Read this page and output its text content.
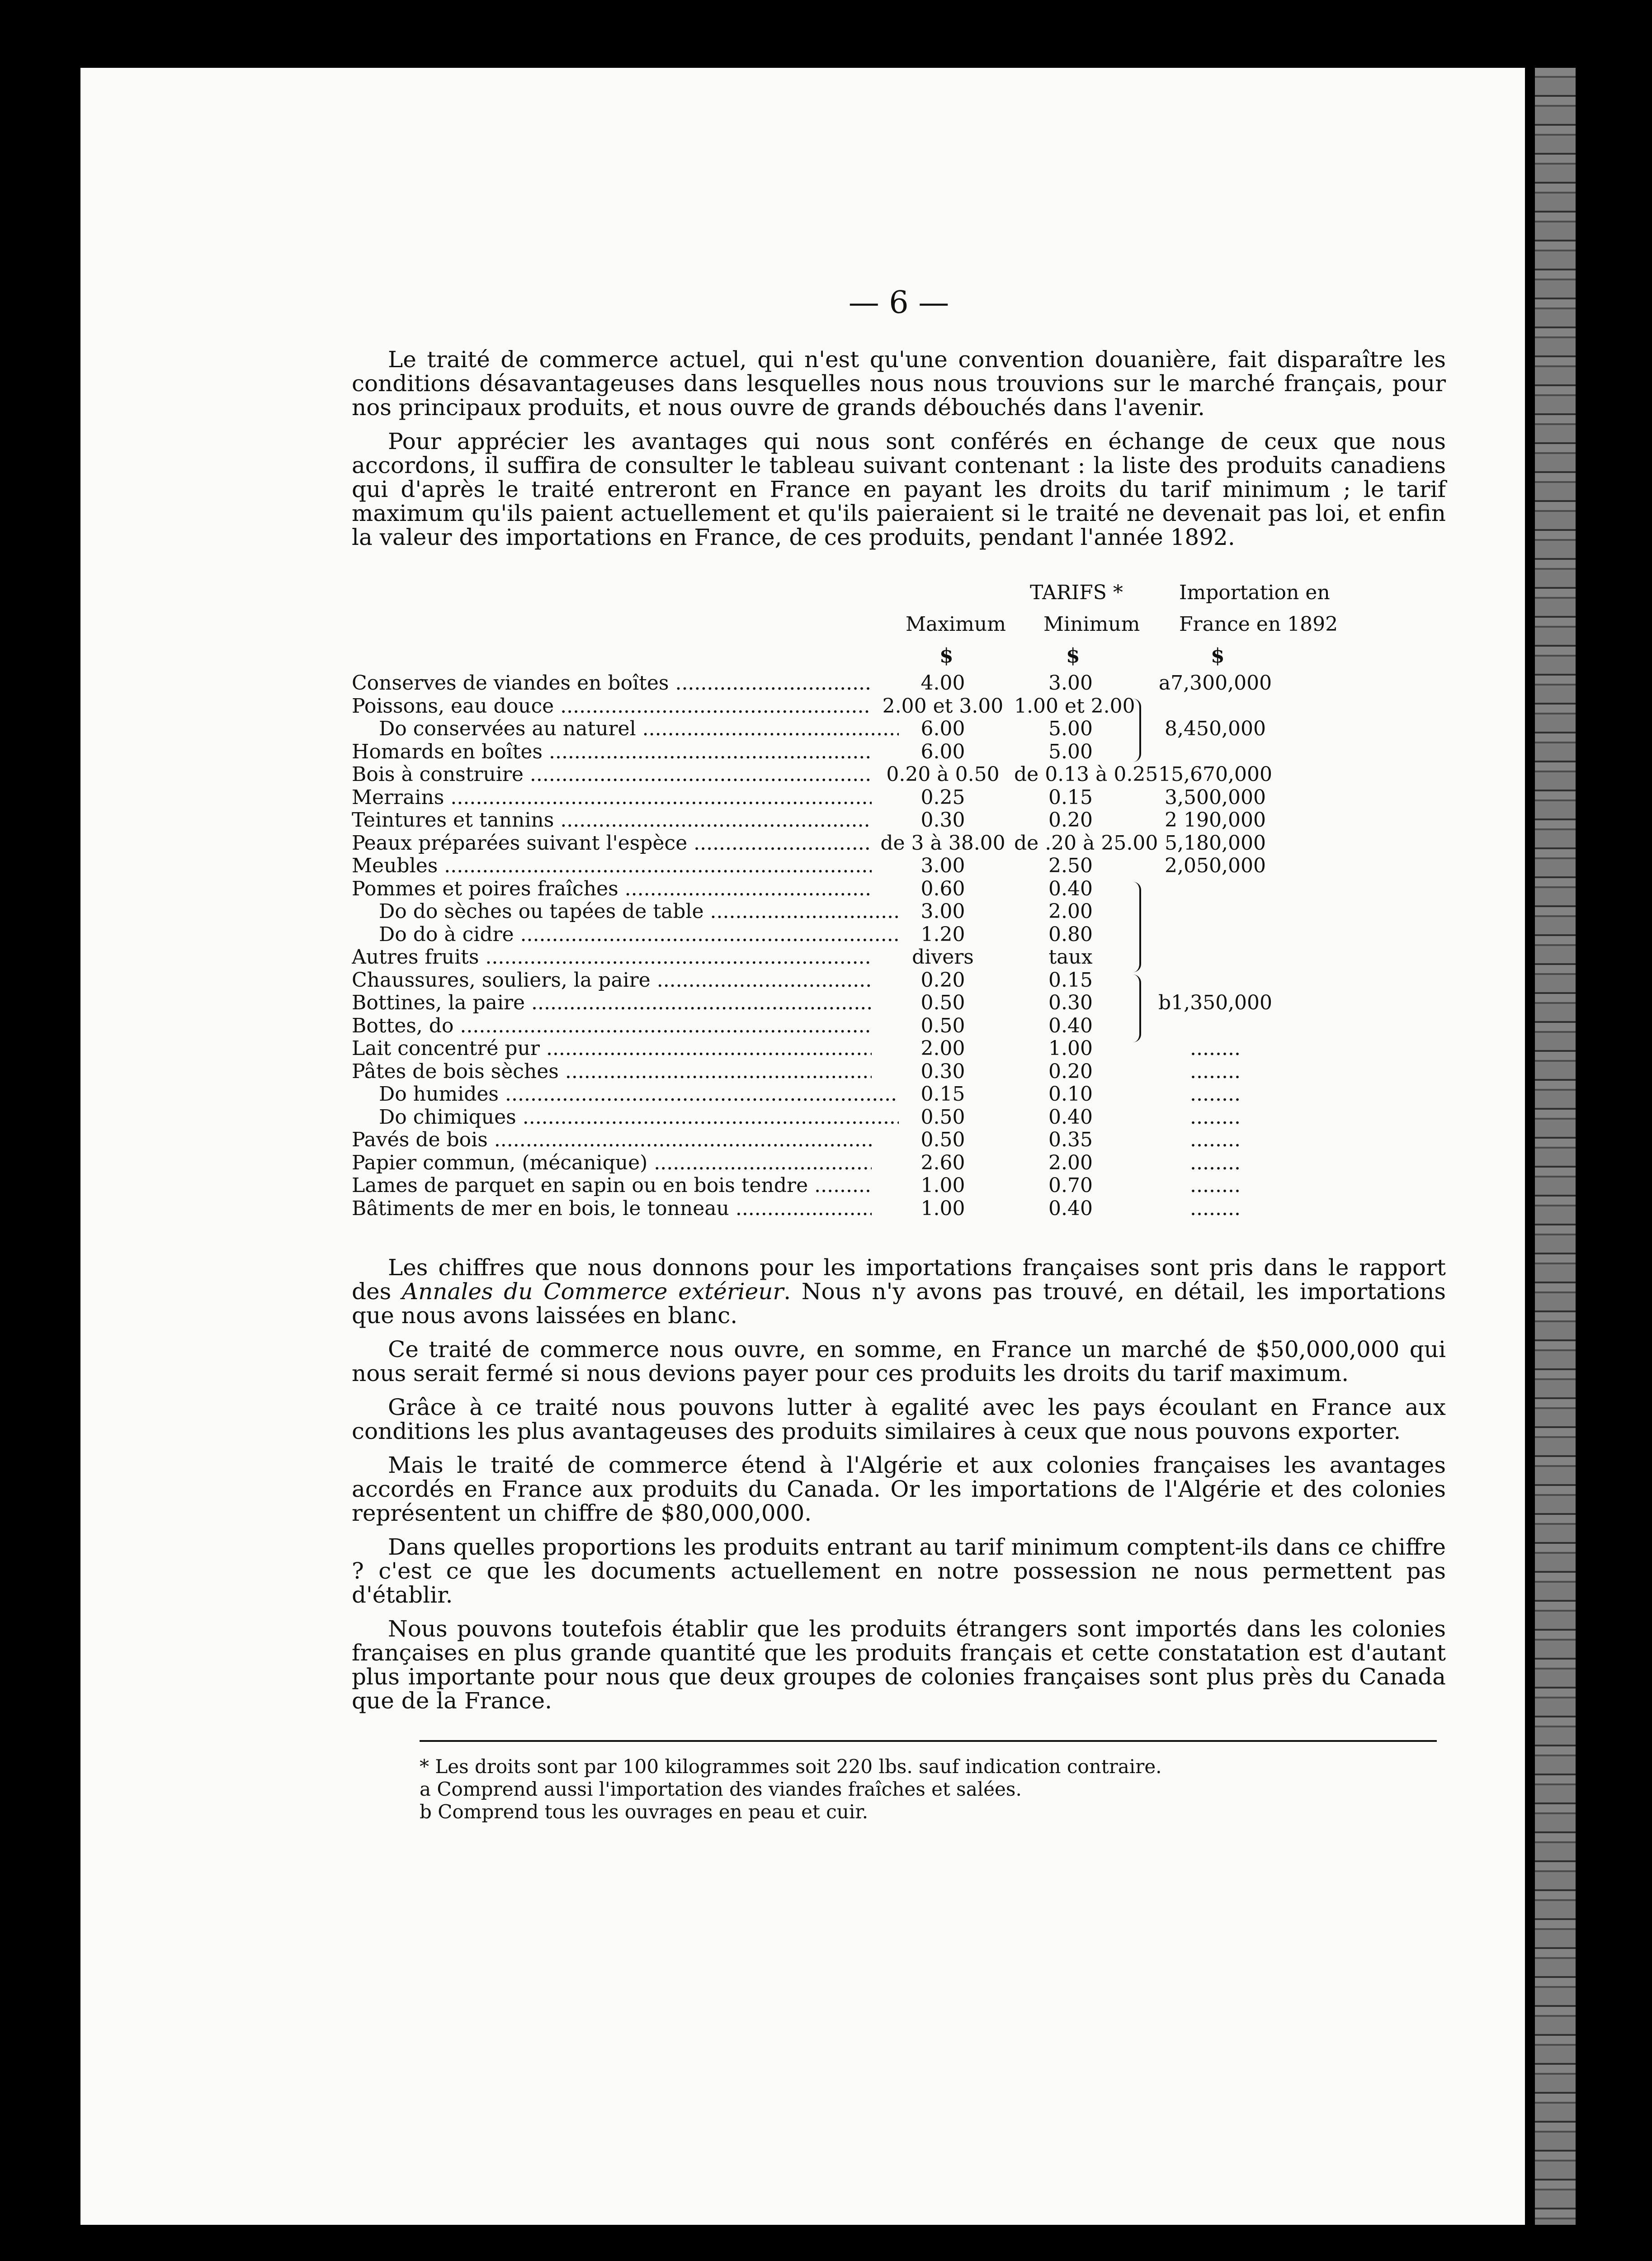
— 6 —

Le traité de commerce actuel, qui n'est qu'une convention douanière, fait disparaître les conditions désavantageuses dans lesquelles nous nous trouvions sur le marché français, pour nos principaux produits, et nous ouvre de grands débouchés dans l'avenir.

Pour apprécier les avantages qui nous sont conférés en échange de ceux que nous accordons, il suffira de consulter le tableau suivant contenant : la liste des produits canadiens qui d'après le traité entreront en France en payant les droits du tarif minimum ; le tarif maximum qu'ils paient actuellement et qu'ils paieraient si le traité ne devenait pas loi, et enfin la valeur des importations en France, de ces produits, pendant l'année 1892.

TARIFS *	Importation en
Maximum Minimum France en 1892
$	$	$
Conserves de viandes en boîtes .....	4.00	3.00	a7,300,000
Poissons, eau douce .....	2.00 et 3.00 1.00 et 2.00
Do conservées au naturel .....	6.00	5.00	8,450,000
Homards en boîtes .....	6.00	5.00
Bois à construire .....	0.20 à 0.50 de 0.13 à 0.25 15,670,000
Merrains .....	0.25	0.15	3,500,000
Teintures et tannins .....	0.30	0.20	2 190,000
Peaux préparées suivant l'espèce .....	de 3 à 38.00 de .20 à 25.00 5,180,000
Meubles .....	3.00	2.50	2,050,000
Pommes et poires fraîches .....	0.60	0.40
Do do sèches ou tapées de table .....	3.00	2.00
Do do à cidre .....	1.20	0.80
Autres fruits .....	divers	taux
Chaussures, souliers, la paire .....	0.20	0.15
Bottines, la paire .....	0.50	0.30	b1,350,000
Bottes, do .....	0.50	0.40
Lait concentré pur .....	2.00	1.00	........
Pâtes de bois sèches .....	0.30	0.20	........
Do humides .....	0.15	0.10	........
Do chimiques .....	0.50	0.40	........
Pavés de bois .....	0.50	0.35	........
Papier commun, (mécanique) .....	2.60	2.00	........
Lames de parquet en sapin ou en bois tendre .....	1.00	0.70	........
Bâtiments de mer en bois, le tonneau .....	1.00	0.40	........

Les chiffres que nous donnons pour les importations françaises sont pris dans le rapport des Annales du Commerce extérieur. Nous n'y avons pas trouvé, en détail, les importations que nous avons laissées en blanc.

Ce traité de commerce nous ouvre, en somme, en France un marché de $50,000,000 qui nous serait fermé si nous devions payer pour ces produits les droits du tarif maximum.

Grâce à ce traité nous pouvons lutter à egalité avec les pays écoulant en France aux conditions les plus avantageuses des produits similaires à ceux que nous pouvons exporter.

Mais le traité de commerce étend à l'Algérie et aux colonies françaises les avantages accordés en France aux produits du Canada. Or les importations de l'Algérie et des colonies représentent un chiffre de $80,000,000.

Dans quelles proportions les produits entrant au tarif minimum comptent-ils dans ce chiffre ? c'est ce que les documents actuellement en notre possession ne nous permettent pas d'établir.

Nous pouvons toutefois établir que les produits étrangers sont importés dans les colonies françaises en plus grande quantité que les produits français et cette constatation est d'autant plus importante pour nous que deux groupes de colonies françaises sont plus près du Canada que de la France.

* Les droits sont par 100 kilogrammes soit 220 lbs. sauf indication contraire.
a Comprend aussi l'importation des viandes fraîches et salées.
b Comprend tous les ouvrages en peau et cuir.
